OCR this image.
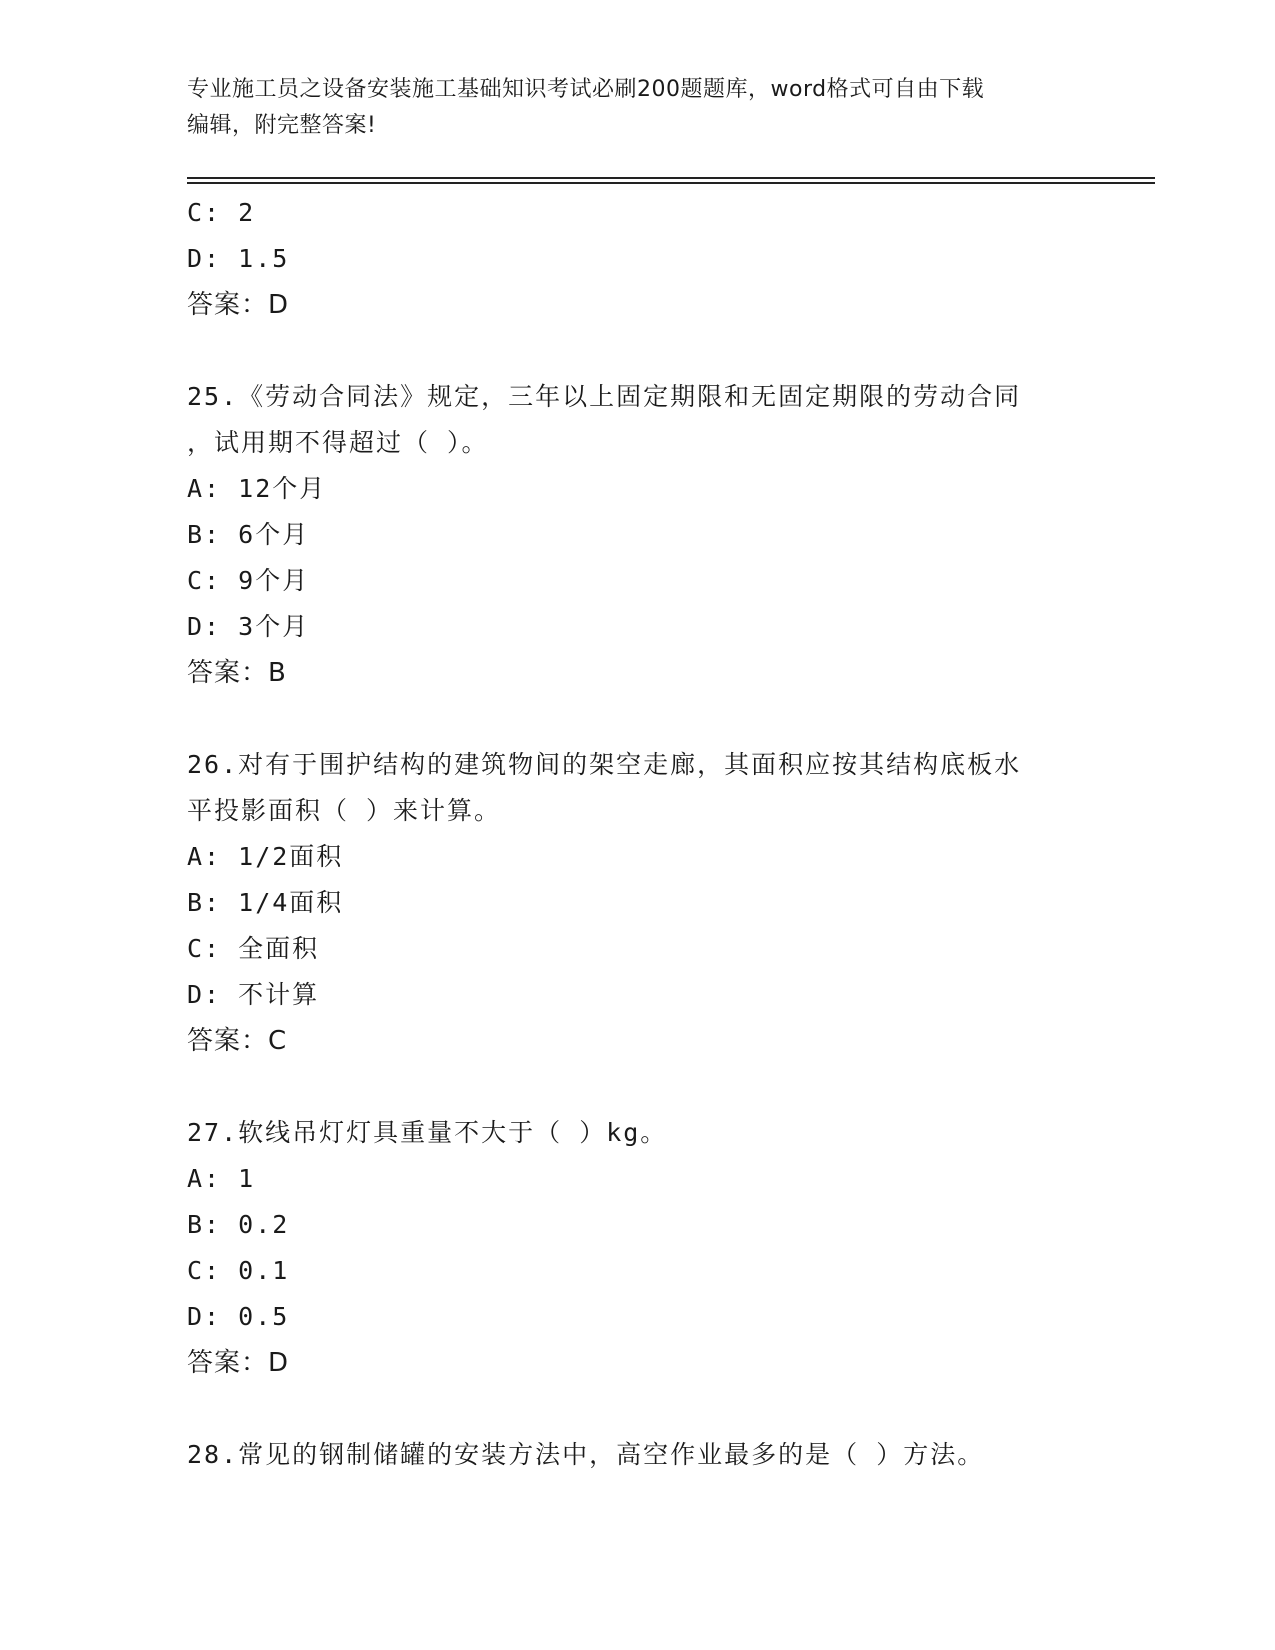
专业施工员之设备安装施工基础知识考试必刷200题题库，word格式可自由下载
编辑，附完整答案!
C: 2
D: 1.5
答案：D
25.《劳动合同法》规定，三年以上固定期限和无固定期限的劳动合同
，试用期不得超过（ ）。
A: 12个月
B: 6个月
C: 9个月
D: 3个月
答案：B
26.对有于围护结构的建筑物间的架空走廊，其面积应按其结构底板水
平投影面积（ ）来计算。
A: 1/2面积
B: 1/4面积
C: 全面积
D: 不计算
答案：C
27.软线吊灯灯具重量不大于（ ）kg。
A: 1
B: 0.2
C: 0.1
D: 0.5
答案：D
28.常见的钢制储罐的安装方法中，高空作业最多的是（ ）方法。
